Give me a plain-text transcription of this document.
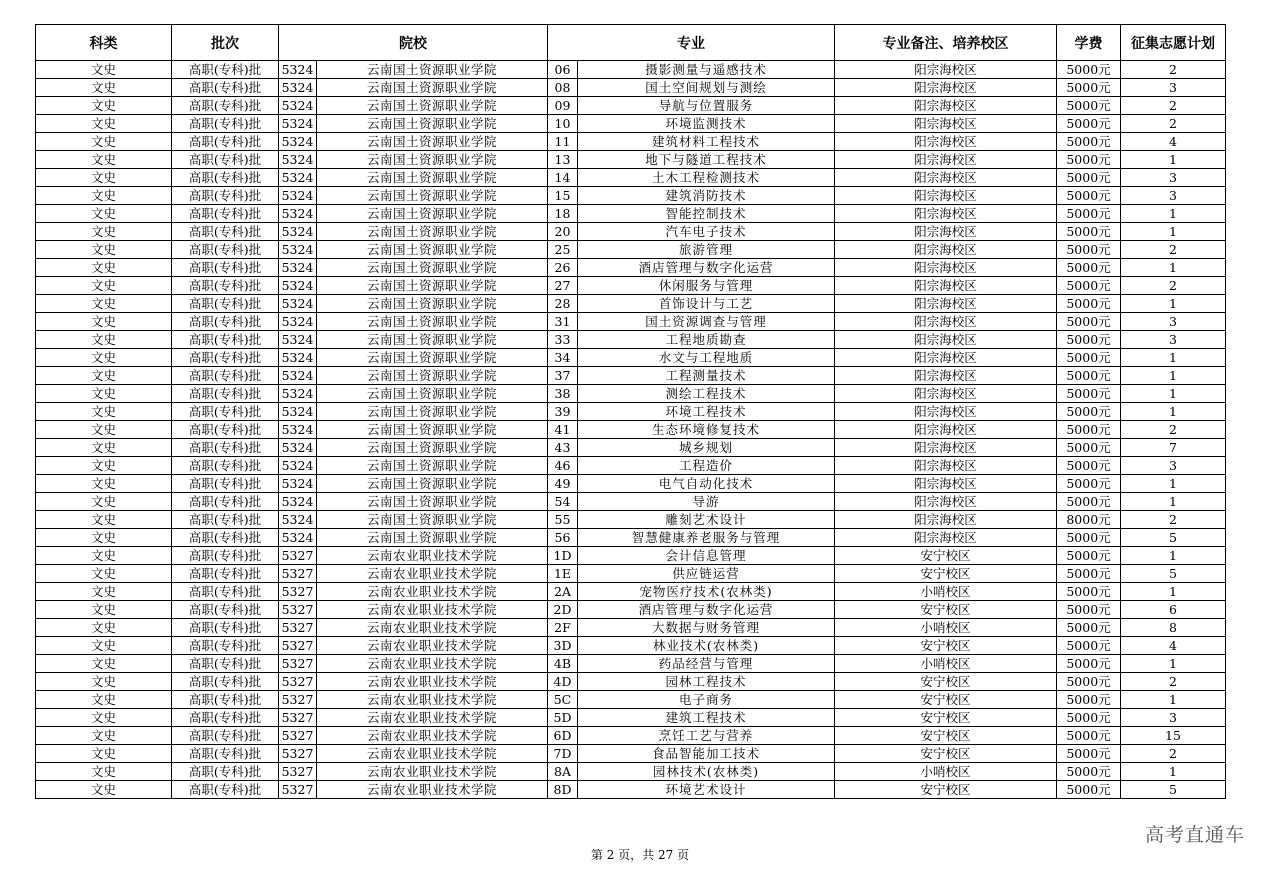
科类	批次	院校		专业		专业备注、培养校区	学费	征集志愿计划
文史	高职(专科)批	5324	云南国土资源职业学院	06	摄影测量与遥感技术	阳宗海校区	5000元	2
文史	高职(专科)批	5324	云南国土资源职业学院	08	国土空间规划与测绘	阳宗海校区	5000元	3
文史	高职(专科)批	5324	云南国土资源职业学院	09	导航与位置服务	阳宗海校区	5000元	2
文史	高职(专科)批	5324	云南国土资源职业学院	10	环境监测技术	阳宗海校区	5000元	2
文史	高职(专科)批	5324	云南国土资源职业学院	11	建筑材料工程技术	阳宗海校区	5000元	4
文史	高职(专科)批	5324	云南国土资源职业学院	13	地下与隧道工程技术	阳宗海校区	5000元	1
文史	高职(专科)批	5324	云南国土资源职业学院	14	土木工程检测技术	阳宗海校区	5000元	3
文史	高职(专科)批	5324	云南国土资源职业学院	15	建筑消防技术	阳宗海校区	5000元	3
文史	高职(专科)批	5324	云南国土资源职业学院	18	智能控制技术	阳宗海校区	5000元	1
文史	高职(专科)批	5324	云南国土资源职业学院	20	汽车电子技术	阳宗海校区	5000元	1
文史	高职(专科)批	5324	云南国土资源职业学院	25	旅游管理	阳宗海校区	5000元	2
文史	高职(专科)批	5324	云南国土资源职业学院	26	酒店管理与数字化运营	阳宗海校区	5000元	1
文史	高职(专科)批	5324	云南国土资源职业学院	27	休闲服务与管理	阳宗海校区	5000元	2
文史	高职(专科)批	5324	云南国土资源职业学院	28	首饰设计与工艺	阳宗海校区	5000元	1
文史	高职(专科)批	5324	云南国土资源职业学院	31	国土资源调查与管理	阳宗海校区	5000元	3
文史	高职(专科)批	5324	云南国土资源职业学院	33	工程地质勘查	阳宗海校区	5000元	3
文史	高职(专科)批	5324	云南国土资源职业学院	34	水文与工程地质	阳宗海校区	5000元	1
文史	高职(专科)批	5324	云南国土资源职业学院	37	工程测量技术	阳宗海校区	5000元	1
文史	高职(专科)批	5324	云南国土资源职业学院	38	测绘工程技术	阳宗海校区	5000元	1
文史	高职(专科)批	5324	云南国土资源职业学院	39	环境工程技术	阳宗海校区	5000元	1
文史	高职(专科)批	5324	云南国土资源职业学院	41	生态环境修复技术	阳宗海校区	5000元	2
文史	高职(专科)批	5324	云南国土资源职业学院	43	城乡规划	阳宗海校区	5000元	7
文史	高职(专科)批	5324	云南国土资源职业学院	46	工程造价	阳宗海校区	5000元	3
文史	高职(专科)批	5324	云南国土资源职业学院	49	电气自动化技术	阳宗海校区	5000元	1
文史	高职(专科)批	5324	云南国土资源职业学院	54	导游	阳宗海校区	5000元	1
文史	高职(专科)批	5324	云南国土资源职业学院	55	雕刻艺术设计	阳宗海校区	8000元	2
文史	高职(专科)批	5324	云南国土资源职业学院	56	智慧健康养老服务与管理	阳宗海校区	5000元	5
文史	高职(专科)批	5327	云南农业职业技术学院	1D	会计信息管理	安宁校区	5000元	1
文史	高职(专科)批	5327	云南农业职业技术学院	1E	供应链运营	安宁校区	5000元	5
文史	高职(专科)批	5327	云南农业职业技术学院	2A	宠物医疗技术(农林类)	小哨校区	5000元	1
文史	高职(专科)批	5327	云南农业职业技术学院	2D	酒店管理与数字化运营	安宁校区	5000元	6
文史	高职(专科)批	5327	云南农业职业技术学院	2F	大数据与财务管理	小哨校区	5000元	8
文史	高职(专科)批	5327	云南农业职业技术学院	3D	林业技术(农林类)	安宁校区	5000元	4
文史	高职(专科)批	5327	云南农业职业技术学院	4B	药品经营与管理	小哨校区	5000元	1
文史	高职(专科)批	5327	云南农业职业技术学院	4D	园林工程技术	安宁校区	5000元	2
文史	高职(专科)批	5327	云南农业职业技术学院	5C	电子商务	安宁校区	5000元	1
文史	高职(专科)批	5327	云南农业职业技术学院	5D	建筑工程技术	安宁校区	5000元	3
文史	高职(专科)批	5327	云南农业职业技术学院	6D	烹饪工艺与营养	安宁校区	5000元	15
文史	高职(专科)批	5327	云南农业职业技术学院	7D	食品智能加工技术	安宁校区	5000元	2
文史	高职(专科)批	5327	云南农业职业技术学院	8A	园林技术(农林类)	小哨校区	5000元	1
文史	高职(专科)批	5327	云南农业职业技术学院	8D	环境艺术设计	安宁校区	5000元	5
第 2 页，共 27 页
高考直通车
